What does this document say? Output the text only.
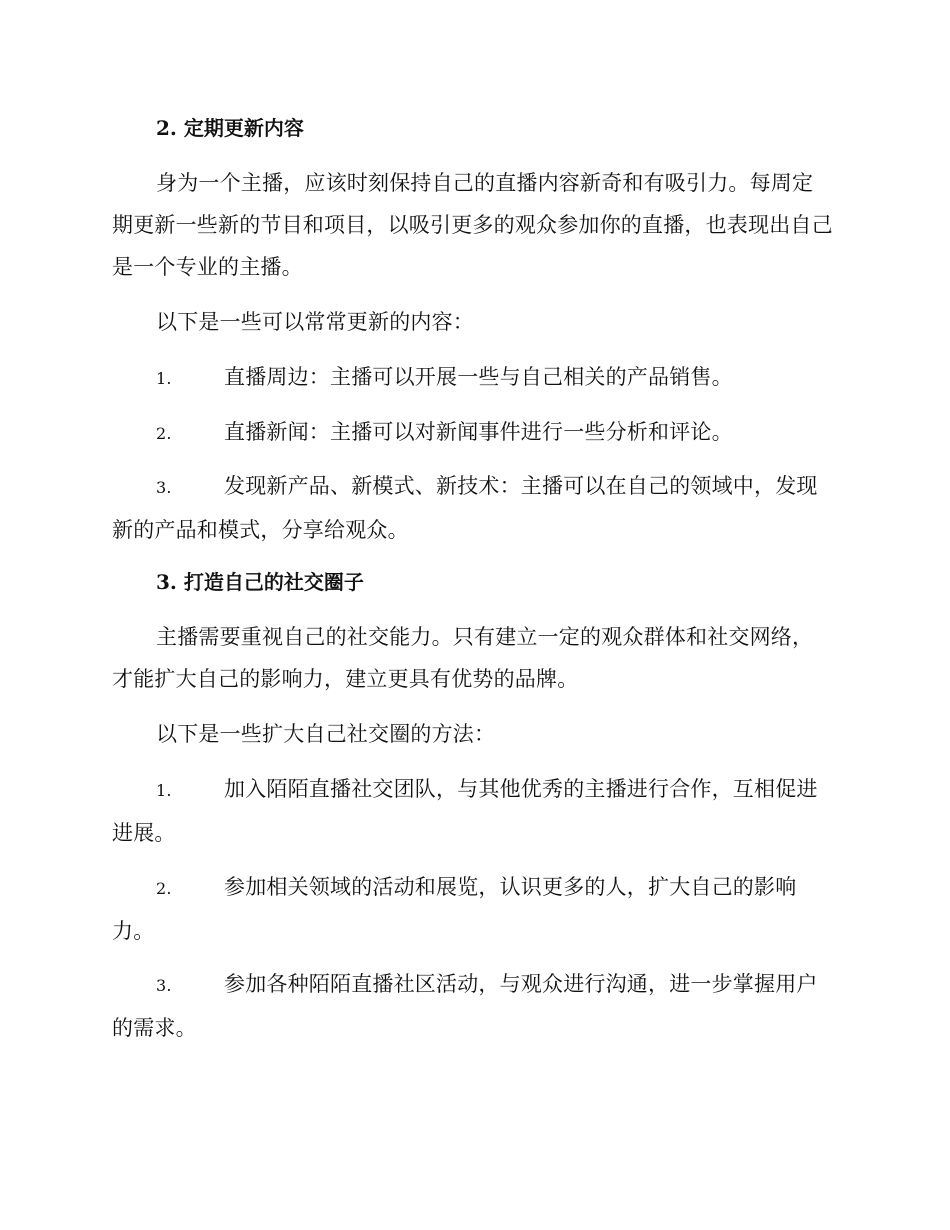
2. 定期更新内容
身为一个主播，应该时刻保持自己的直播内容新奇和有吸引力。每周定期更新一些新的节目和项目，以吸引更多的观众参加你的直播，也表现出自己是一个专业的主播。
以下是一些可以常常更新的内容：
1. 直播周边：主播可以开展一些与自己相关的产品销售。
2. 直播新闻：主播可以对新闻事件进行一些分析和评论。
3. 发现新产品、新模式、新技术：主播可以在自己的领域中，发现新的产品和模式，分享给观众。
3. 打造自己的社交圈子
主播需要重视自己的社交能力。只有建立一定的观众群体和社交网络，才能扩大自己的影响力，建立更具有优势的品牌。
以下是一些扩大自己社交圈的方法：
1. 加入陌陌直播社交团队，与其他优秀的主播进行合作，互相促进进展。
2. 参加相关领域的活动和展览，认识更多的人，扩大自己的影响力。
3. 参加各种陌陌直播社区活动，与观众进行沟通，进一步掌握用户的需求。
